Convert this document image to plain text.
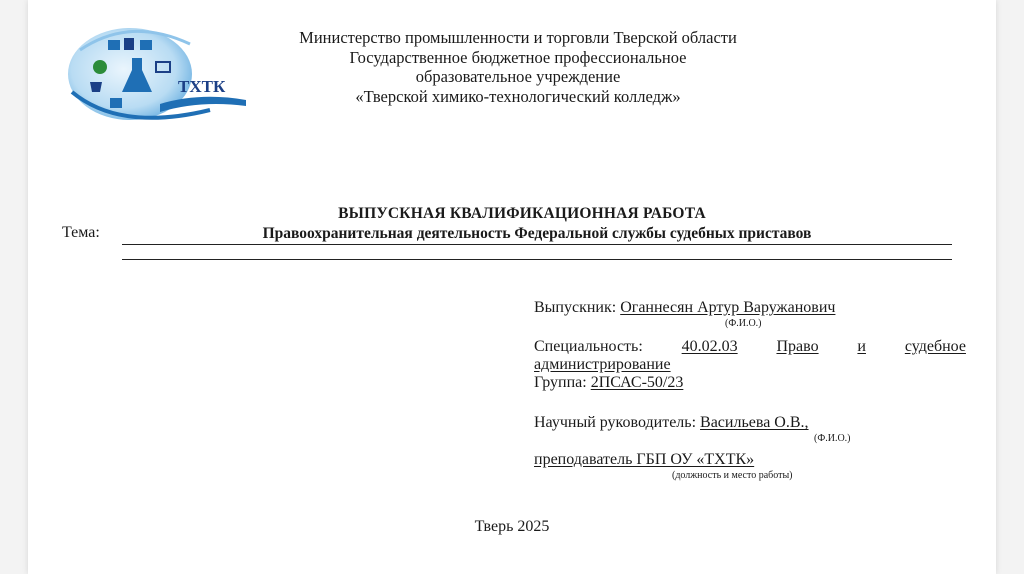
ТХТК
Министерство промышленности и торговли Тверской области
Государственное бюджетное профессиональное
образовательное учреждение
«Тверской химико-технологический колледж»
ВЫПУСКНАЯ КВАЛИФИКАЦИОННАЯ РАБОТА
Тема:	Правоохранительная деятельность Федеральной службы судебных приставов
Выпускник: Оганнесян Артур Варужанович
(Ф.И.О.)
Специальность: 40.02.03 Право и судебное
администрирование
Группа: 2ПСАС-50/23
Научный руководитель: Васильева О.В.,
(Ф.И.О.)
преподаватель ГБП ОУ «ТХТК»
(должность и место работы)
Тверь 2025
